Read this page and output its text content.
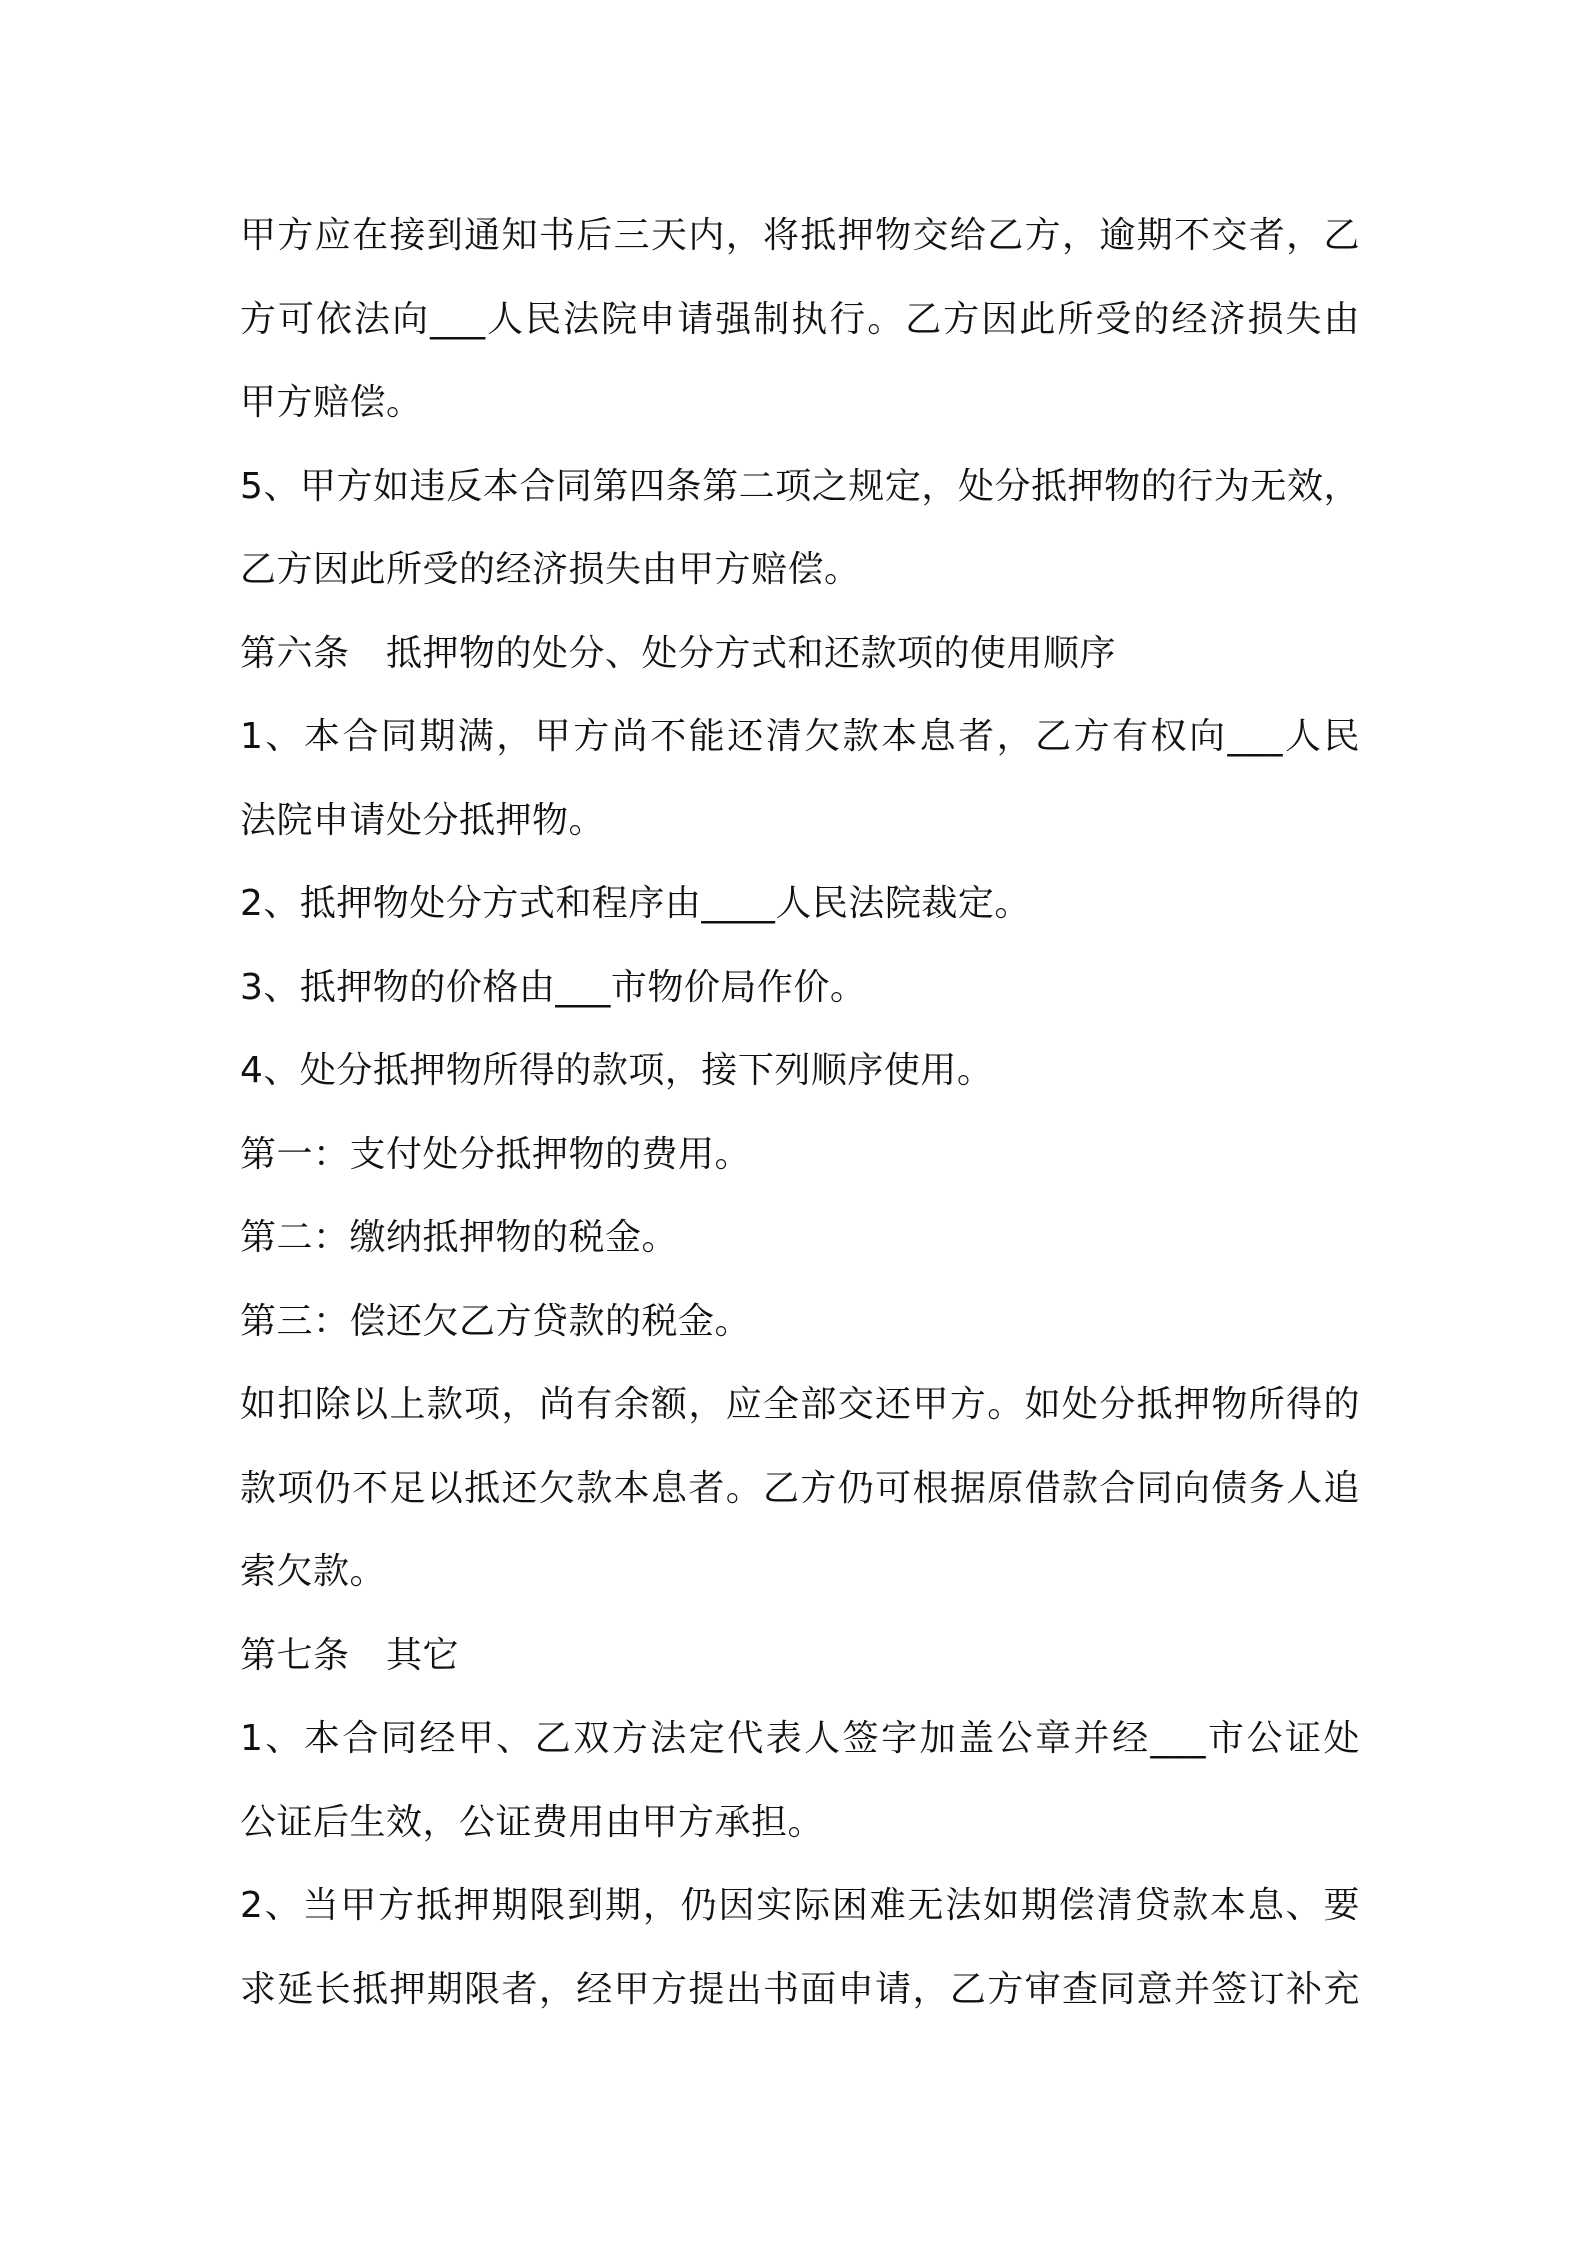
甲方应在接到通知书后三天内，将抵押物交给乙方，逾期不交者，乙
方可依法向___人民法院申请强制执行。乙方因此所受的经济损失由
甲方赔偿。
5、甲方如违反本合同第四条第二项之规定，处分抵押物的行为无效，
乙方因此所受的经济损失由甲方赔偿。
第六条　抵押物的处分、处分方式和还款项的使用顺序
1、本合同期满，甲方尚不能还清欠款本息者，乙方有权向___人民
法院申请处分抵押物。
2、抵押物处分方式和程序由____人民法院裁定。
3、抵押物的价格由___市物价局作价。
4、处分抵押物所得的款项，接下列顺序使用。
第一：支付处分抵押物的费用。
第二：缴纳抵押物的税金。
第三：偿还欠乙方贷款的税金。
如扣除以上款项，尚有余额，应全部交还甲方。如处分抵押物所得的
款项仍不足以抵还欠款本息者。乙方仍可根据原借款合同向债务人追
索欠款。
第七条　其它
1、本合同经甲、乙双方法定代表人签字加盖公章并经___市公证处
公证后生效，公证费用由甲方承担。
2、当甲方抵押期限到期，仍因实际困难无法如期偿清贷款本息、要
求延长抵押期限者，经甲方提出书面申请，乙方审查同意并签订补充
